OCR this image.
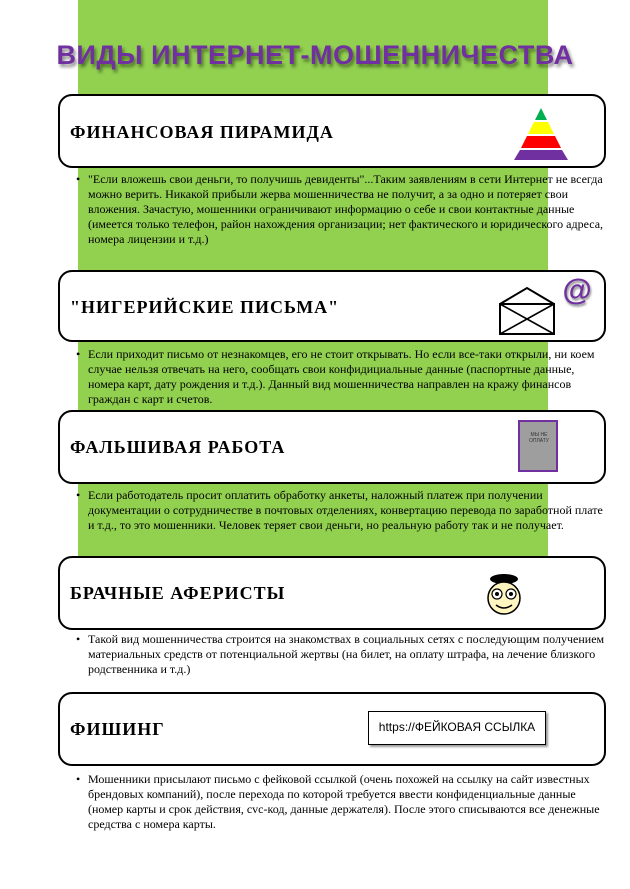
ВИДЫ ИНТЕРНЕТ-МОШЕННИЧЕСТВА
ФИНАНСОВАЯ ПИРАМИДА
• "Если вложешь свои деньги, то получишь девиденты"...Таким заявлениям в сети Интернет не всегда можно верить. Никакой прибыли жерва мошенничества не получит, а за одно и потеряет свои вложения. Зачастую, мошенники ограничивают информацию о себе и свои контактные данные (имеется только телефон, район нахождения организации; нет фактического и юридического адреса, номера лицензии и т.д.)
"НИГЕРИЙСКИЕ ПИСЬМА"	@
• Если приходит письмо от незнакомцев, его не стоит открывать. Но если все-таки открыли, ни коем случае нельзя отвечать на него, сообщать свои конфидициальные данные (паспортные данные, номера карт, дату рождения и т.д.). Данный вид мошенничества направлен на кражу финансов граждан с карт и счетов.
ФАЛЬШИВАЯ РАБОТА
МЫ НЕ ОПЛАТУ
• Если работодатель просит оплатить обработку анкеты, наложный платеж при получении документации о сотрудничестве в почтовых отделениях, конвертацию перевода по заработной плате и т.д., то это мошенники. Человек теряет свои деньги, но реальную работу так и не получает.
БРАЧНЫЕ АФЕРИСТЫ
• Такой вид мошенничества строится на знакомствах в социальных сетях с последующим получением материальных средств от потенциальной жертвы (на билет, на оплату штрафа, на лечение близкого родственника и т.д.)
ФИШИНГ	https://ФЕЙКОВАЯ ССЫЛКА
• Мошенники присылают письмо с фейковой ссылкой (очень похожей на ссылку на сайт известных брендовых компаний), после перехода по которой требуется ввести конфиденциальные данные (номер карты и срок действия, cvc-код, данные держателя). После этого списываются все денежные средства с номера карты.
